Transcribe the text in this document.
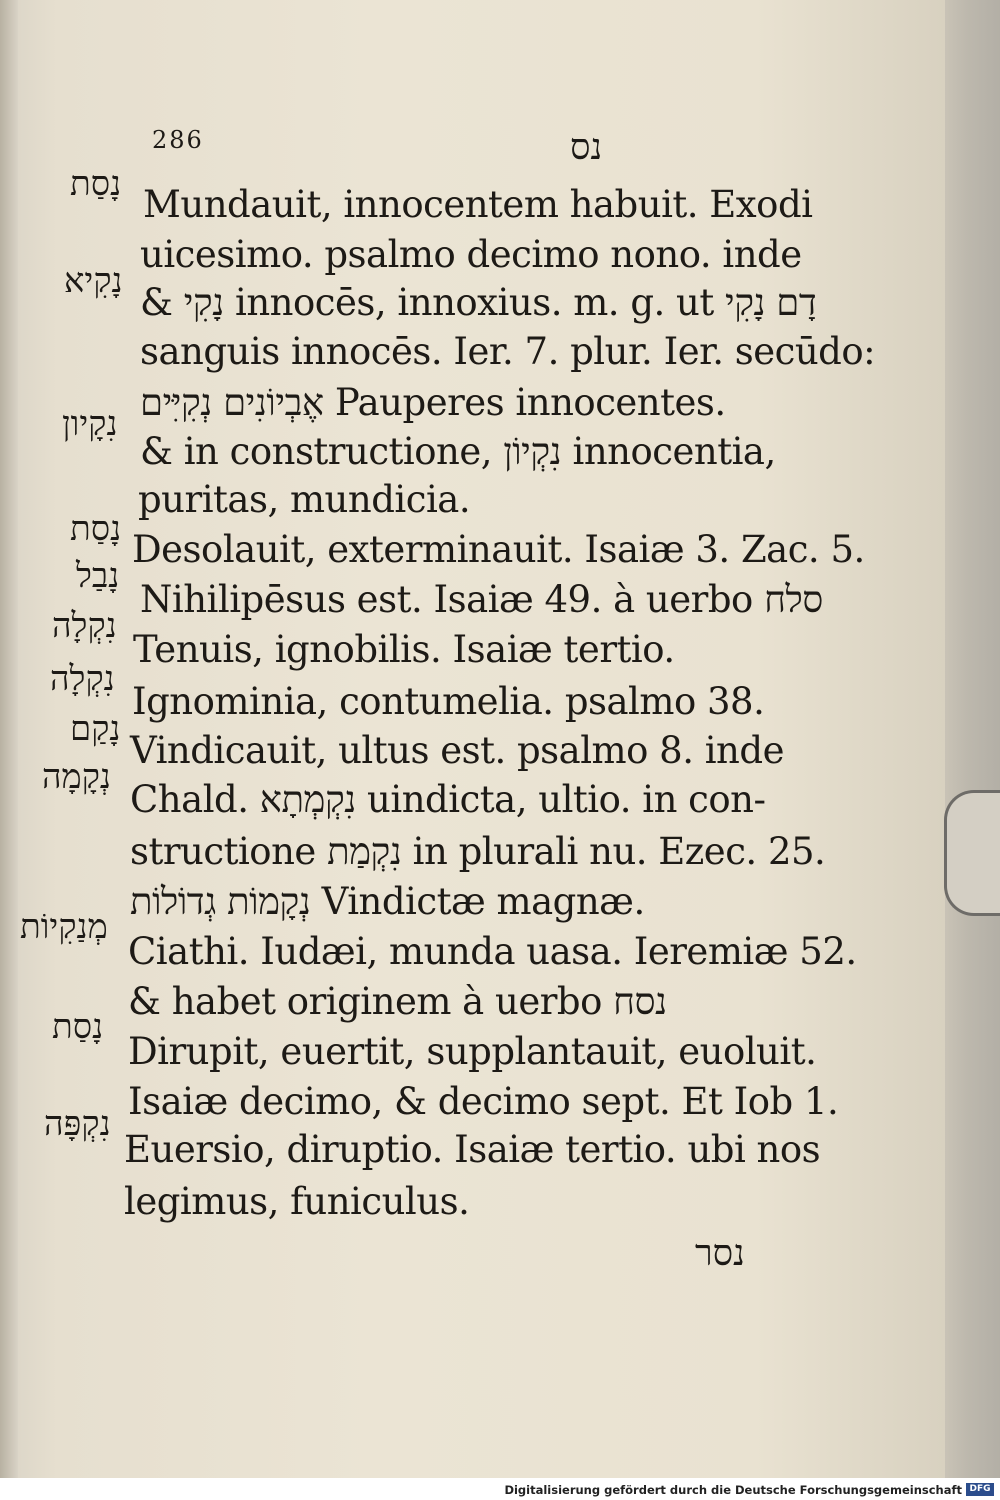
286	נס
נָסַת
נָקִיא
נִקָיון
נָסַת
נָבַל
נִקְלָה
נִקְלָה
נָקַם
נְקָמָה
מְנַקִיוֹת
נָסַת
נִקְפָּה
Mundauit, innocentem habuit. Exodi
uicesimo. psalmo decimo nono. inde
& נָקִי innocēs, innoxius. m. g. ut דָם נָקִי
sanguis innocēs. Ier. 7. plur. Ier. secūdo:
אֶבְיוֹנִים נְקִיִּים Pauperes innocentes.
& in constructione, נִקְיוֹן innocentia,
puritas, mundicia.
Desolauit, exterminauit. Isaiæ 3. Zac. 5.
Nihilipēsus est. Isaiæ 49. à uerbo סלח
Tenuis, ignobilis. Isaiæ tertio.
Ignominia, contumelia. psalmo 38.
Vindicauit, ultus est. psalmo 8. inde
Chald. נִקְמְתָא uindicta, ultio. in con-
structione נִקְמַת in plurali nu. Ezec. 25.
נְקָמוֹת גְדוֹלוֹת Vindictæ magnæ.
Ciathi. Iudæi, munda uasa. Ieremiæ 52.
& habet originem à uerbo נסח
Dirupit, euertit, supplantauit, euoluit.
Isaiæ decimo, & decimo sept. Et Iob 1.
Euersio, diruptio. Isaiæ tertio. ubi nos
legimus, funiculus.
נסר
Digitalisierung gefördert durch die Deutsche Forschungsgemeinschaft DFG
